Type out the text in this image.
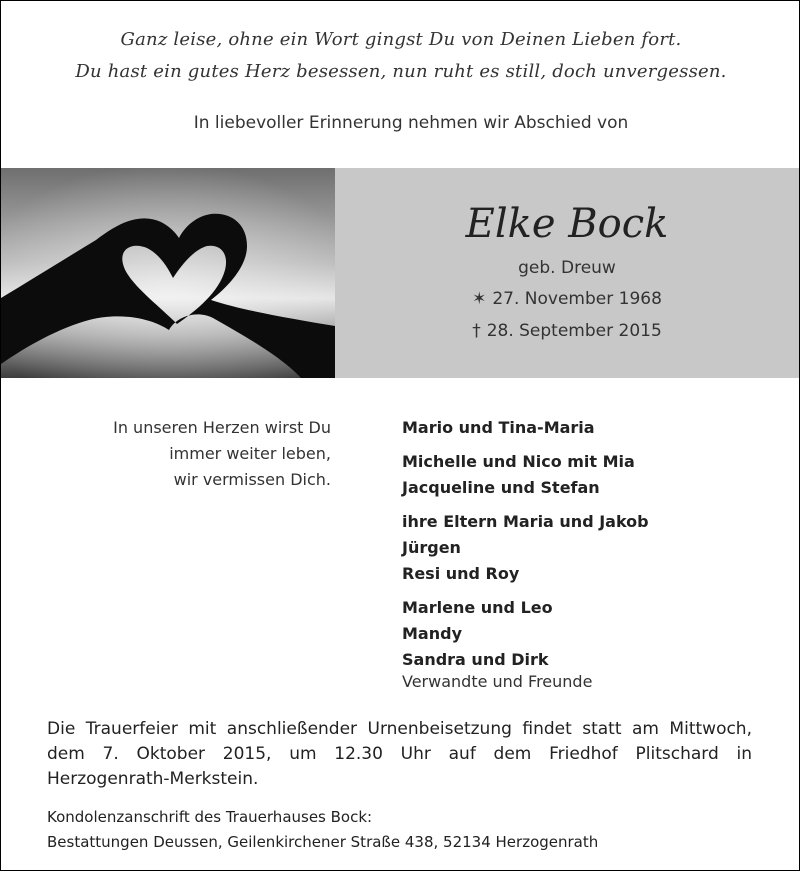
Ganz leise, ohne ein Wort gingst Du von Deinen Lieben fort.
Du hast ein gutes Herz besessen, nun ruht es still, doch unvergessen.
In liebevoller Erinnerung nehmen wir Abschied von
Elke Bock
geb. Dreuw
✶ 27. November 1968
† 28. September 2015
In unseren Herzen wirst Du
immer weiter leben,
wir vermissen Dich.
Mario und Tina-Maria
Michelle und Nico mit Mia
Jacqueline und Stefan
ihre Eltern Maria und Jakob
Jürgen
Resi und Roy
Marlene und Leo
Mandy
Sandra und Dirk
Verwandte und Freunde
Die Trauerfeier mit anschließender Urnenbeisetzung findet statt am Mittwoch,
dem 7. Oktober 2015, um 12.30 Uhr auf dem Friedhof Plitschard in
Herzogenrath-Merkstein.
Kondolenzanschrift des Trauerhauses Bock:
Bestattungen Deussen, Geilenkirchener Straße 438, 52134 Herzogenrath
